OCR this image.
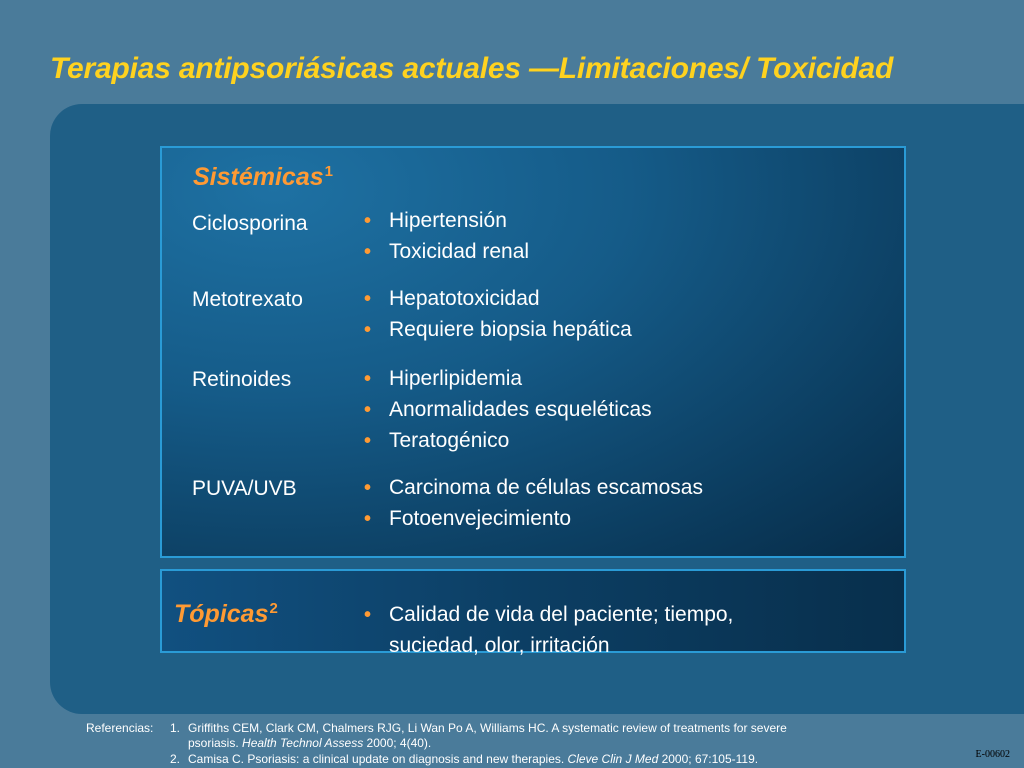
Terapias antipsoriásicas actuales —Limitaciones/ Toxicidad
Sistémicas$^1$
Ciclosporina	• Hipertensión
• Toxicidad renal
Metotrexato	• Hepatotoxicidad
• Requiere biopsia hepática
Retinoides	• Hiperlipidemia
• Anormalidades esqueléticas
• Teratogénico
PUVA/UVB	• Carcinoma de células escamosas
• Fotoenvejecimiento
Tópicas$^2$	• Calidad de vida del paciente; tiempo,
suciedad, olor, irritación
Referencias: 1. Griffiths CEM, Clark CM, Chalmers RJG, Li Wan Po A, Williams HC. A systematic review of treatments for severe
psoriasis. Health Technol Assess 2000; 4(40).
2. Camisa C. Psoriasis: a clinical update on diagnosis and new therapies. Cleve Clin J Med 2000; 67:105-119.	E-00602
